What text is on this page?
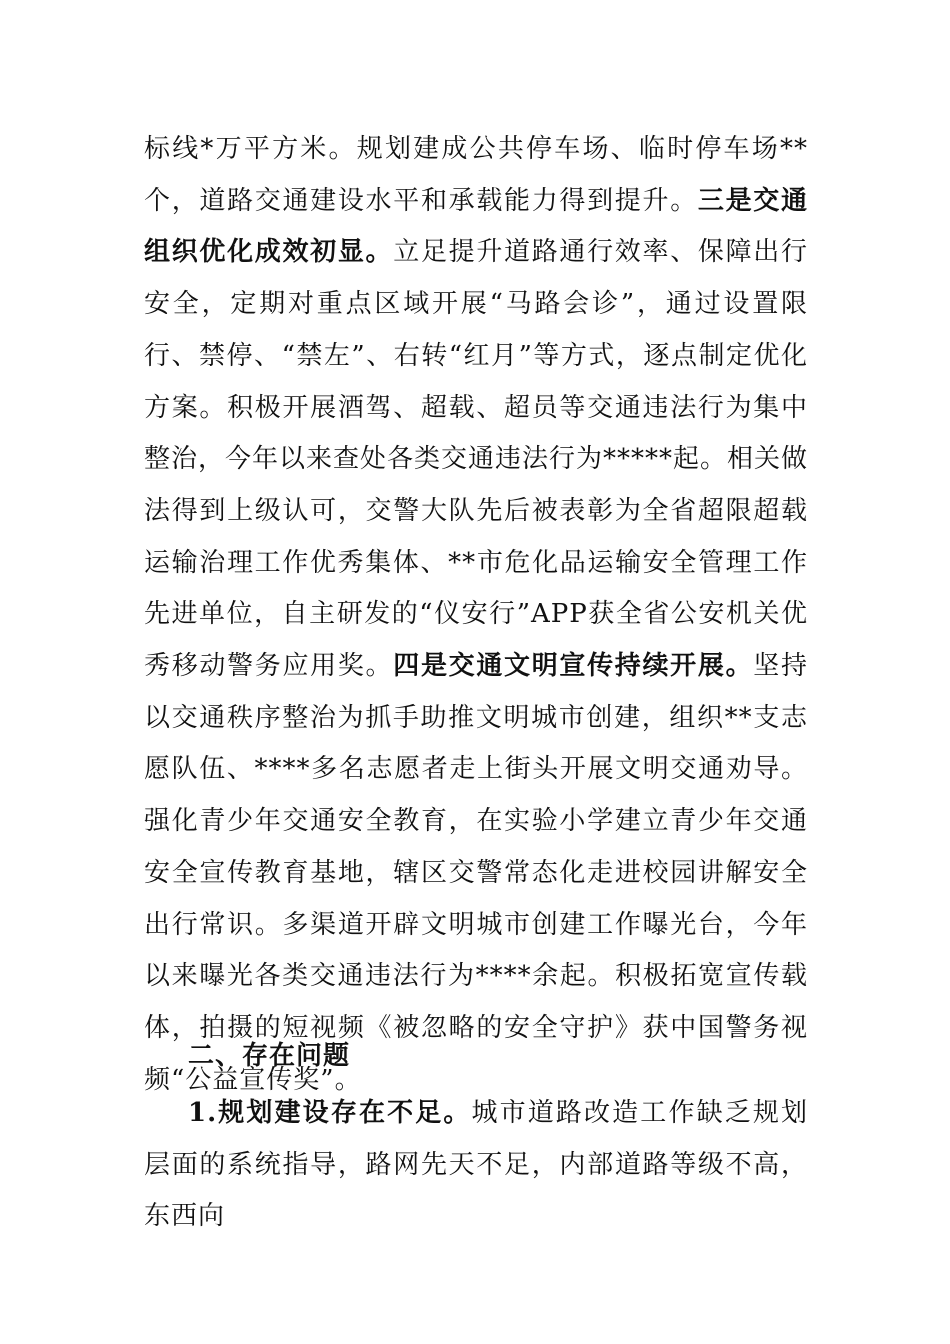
标线*万平方米。规划建成公共停车场、临时停车场**个，道路交通建设水平和承载能力得到提升。三是交通组织优化成效初显。立足提升道路通行效率、保障出行安全，定期对重点区域开展“马路会诊”，通过设置限行、禁停、“禁左”、右转“红月”等方式，逐点制定优化方案。积极开展酒驾、超载、超员等交通违法行为集中整治，今年以来查处各类交通违法行为*****起。相关做法得到上级认可，交警大队先后被表彰为全省超限超载运输治理工作优秀集体、**市危化品运输安全管理工作先进单位，自主研发的“仪安行”APP获全省公安机关优秀移动警务应用奖。四是交通文明宣传持续开展。坚持以交通秩序整治为抓手助推文明城市创建，组织**支志愿队伍、****多名志愿者走上街头开展文明交通劝导。强化青少年交通安全教育，在实验小学建立青少年交通安全宣传教育基地，辖区交警常态化走进校园讲解安全出行常识。多渠道开辟文明城市创建工作曝光台，今年以来曝光各类交通违法行为****余起。积极拓宽宣传载体，拍摄的短视频《被忽略的安全守护》获中国警务视频“公益宣传奖”。

二、存在问题

1.规划建设存在不足。城市道路改造工作缺乏规划层面的系统指导，路网先天不足，内部道路等级不高，东西向
